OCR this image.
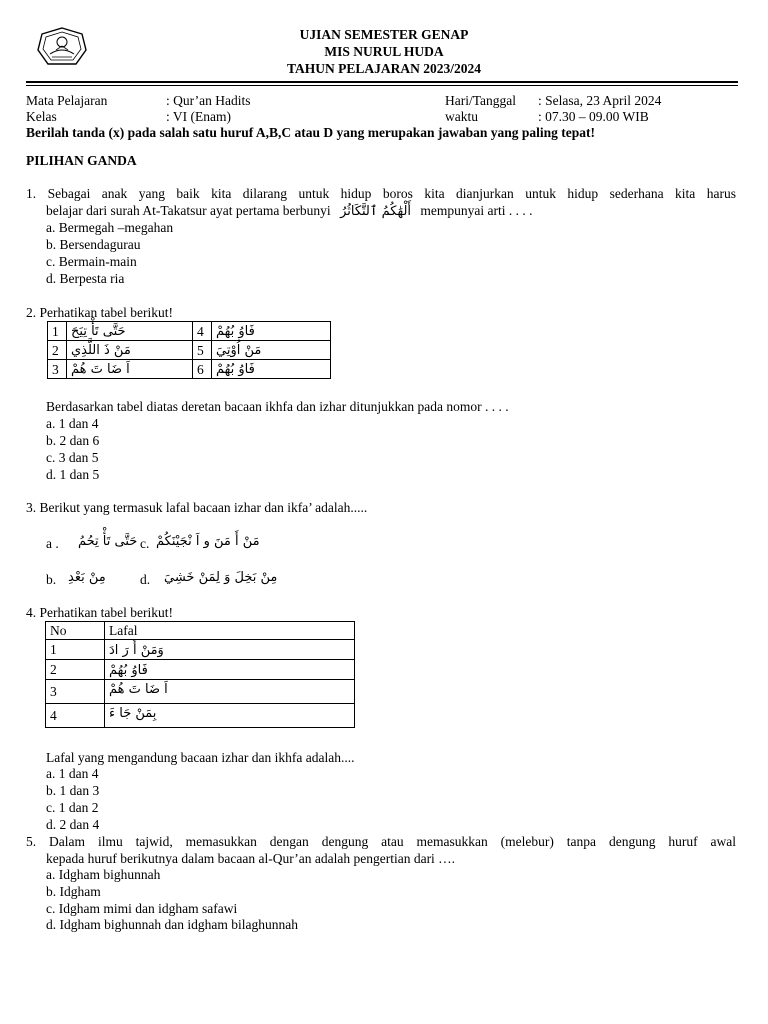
UJIAN SEMESTER GENAP
MIS NURUL HUDA
TAHUN PELAJARAN 2023/2024
Mata Pelajaran	: Qur’an Hadits	Hari/Tanggal : Selasa, 23 April 2024
Kelas	: VI (Enam)	waktu	: 07.30 – 09.00 WIB
Berilah tanda (x) pada salah satu huruf A,B,C atau D yang merupakan jawaban yang paling tepat!
PILIHAN GANDA
1. Sebagai anak yang baik kita dilarang untuk hidup boros kita dianjurkan untuk hidup sederhana kita harus
belajar dari surah At-Takatsur ayat pertama berbunyi أَلْهَٰكُمُ ٱلتَّكَاثُرُ mempunyai arti . . . .
a. Bermegah –megahan
b. Bersendagurau
c. Bermain-main
d. Berpesta ria
2. Perhatikan tabel berikut!
1	حَتَّى تَأْ تِيَحَ	4	فَاوُ بُهُمْ
2	مَنْ ذَ اللَّذِي	5	مَنْ اُوْتِيَ
3	اَ ضَا تَ هُمْ	6	فَاوُ بُهُمْ
Berdasarkan tabel diatas deretan bacaan ikhfa dan izhar ditunjukkan pada nomor . . . .
a. 1 dan 4
b. 2 dan 6
c. 3 dan 5
d. 1 dan 5
3. Berikut yang termasuk lafal bacaan izhar dan ikfa’ adalah.....
a . حَتَّى تَأْ تِحُمُ c. مَنْ أَ مَنَ و اَ نْجَيْنَكُمْ
b. مِنْ بَعْدِ	d. مِنْ بَخِلَ وَ لِمَنْ خَشِيَ
4. Perhatikan tabel berikut!
No	Lafal
1	وَمَنْ أَ رَ ادَ
2	فَاوُ بُهُمْ
3	اَ ضَا تَ هُمْ
4	بِمَنْ جَا ءَ
Lafal yang mengandung bacaan izhar dan ikhfa adalah....
a. 1 dan 4
b. 1 dan 3
c. 1 dan 2
d. 2 dan 4
5. Dalam ilmu tajwid, memasukkan dengan dengung atau memasukkan (melebur) tanpa dengung huruf awal
kepada huruf berikutnya dalam bacaan al-Qur’an adalah pengertian dari ….
a. Idgham bighunnah
b. Idgham
c. Idgham mimi dan idgham safawi
d. Idgham bighunnah dan idgham bilaghunnah
